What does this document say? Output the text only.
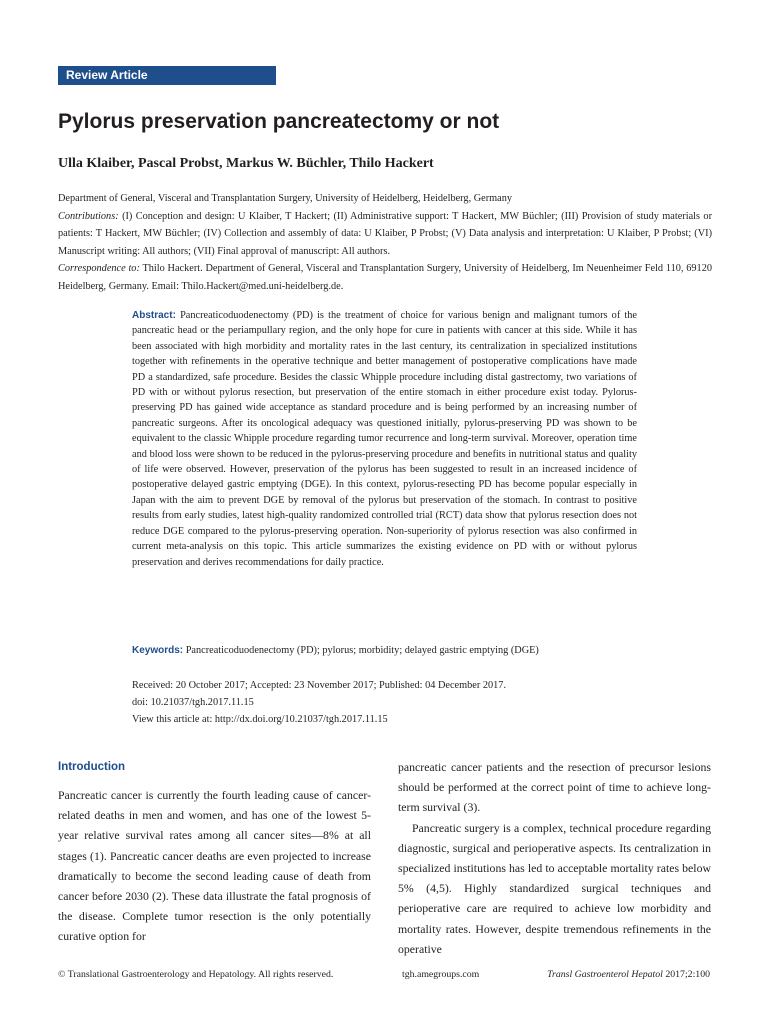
Review Article
Pylorus preservation pancreatectomy or not
Ulla Klaiber, Pascal Probst, Markus W. Büchler, Thilo Hackert

Department of General, Visceral and Transplantation Surgery, University of Heidelberg, Heidelberg, Germany

Contributions: (I) Conception and design: U Klaiber, T Hackert; (II) Administrative support: T Hackert, MW Büchler; (III) Provision of study materials or patients: T Hackert, MW Büchler; (IV) Collection and assembly of data: U Klaiber, P Probst; (V) Data analysis and interpretation: U Klaiber, P Probst; (VI) Manuscript writing: All authors; (VII) Final approval of manuscript: All authors.

Correspondence to: Thilo Hackert. Department of General, Visceral and Transplantation Surgery, University of Heidelberg, Im Neuenheimer Feld 110, 69120 Heidelberg, Germany. Email: Thilo.Hackert@med.uni-heidelberg.de.

Abstract: Pancreaticoduodenectomy (PD) is the treatment of choice for various benign and malignant tumors of the pancreatic head or the periampullary region, and the only hope for cure in patients with cancer at this side. While it has been associated with high morbidity and mortality rates in the last century, its centralization in specialized institutions together with refinements in the operative technique and better management of postoperative complications have made PD a standardized, safe procedure. Besides the classic Whipple procedure including distal gastrectomy, two variations of PD with or without pylorus resection, but preservation of the entire stomach in either procedure exist today. Pylorus-preserving PD has gained wide acceptance as standard procedure and is being performed by an increasing number of pancreatic surgeons. After its oncological adequacy was questioned initially, pylorus-preserving PD was shown to be equivalent to the classic Whipple procedure regarding tumor recurrence and long-term survival. Moreover, operation time and blood loss were shown to be reduced in the pylorus-preserving procedure and benefits in nutritional status and quality of life were observed. However, preservation of the pylorus has been suggested to result in an increased incidence of postoperative delayed gastric emptying (DGE). In this context, pylorus-resecting PD has become popular especially in Japan with the aim to prevent DGE by removal of the pylorus but preservation of the stomach. In contrast to positive results from early studies, latest high-quality randomized controlled trial (RCT) data show that pylorus resection does not reduce DGE compared to the pylorus-preserving operation. Non-superiority of pylorus resection was also confirmed in current meta-analysis on this topic. This article summarizes the existing evidence on PD with or without pylorus preservation and derives recommendations for daily practice.
Keywords: Pancreaticoduodenectomy (PD); pylorus; morbidity; delayed gastric emptying (DGE)
Received: 20 October 2017; Accepted: 23 November 2017; Published: 04 December 2017.
doi: 10.21037/tgh.2017.11.15
View this article at: http://dx.doi.org/10.21037/tgh.2017.11.15
Introduction

Pancreatic cancer is currently the fourth leading cause of cancer-related deaths in men and women, and has one of the lowest 5-year relative survival rates among all cancer sites—8% at all stages (1). Pancreatic cancer deaths are even projected to increase dramatically to become the second leading cause of death from cancer before 2030 (2). These data illustrate the fatal prognosis of the disease. Complete tumor resection is the only potentially curative option for

pancreatic cancer patients and the resection of precursor lesions should be performed at the correct point of time to achieve long-term survival (3).

Pancreatic surgery is a complex, technical procedure regarding diagnostic, surgical and perioperative aspects. Its centralization in specialized institutions has led to acceptable mortality rates below 5% (4,5). Highly standardized surgical techniques and perioperative care are required to achieve low morbidity and mortality rates. However, despite tremendous refinements in the operative

© Translational Gastroenterology and Hepatology. All rights reserved.	tgh.amegroups.com	Transl Gastroenterol Hepatol 2017;2:100
